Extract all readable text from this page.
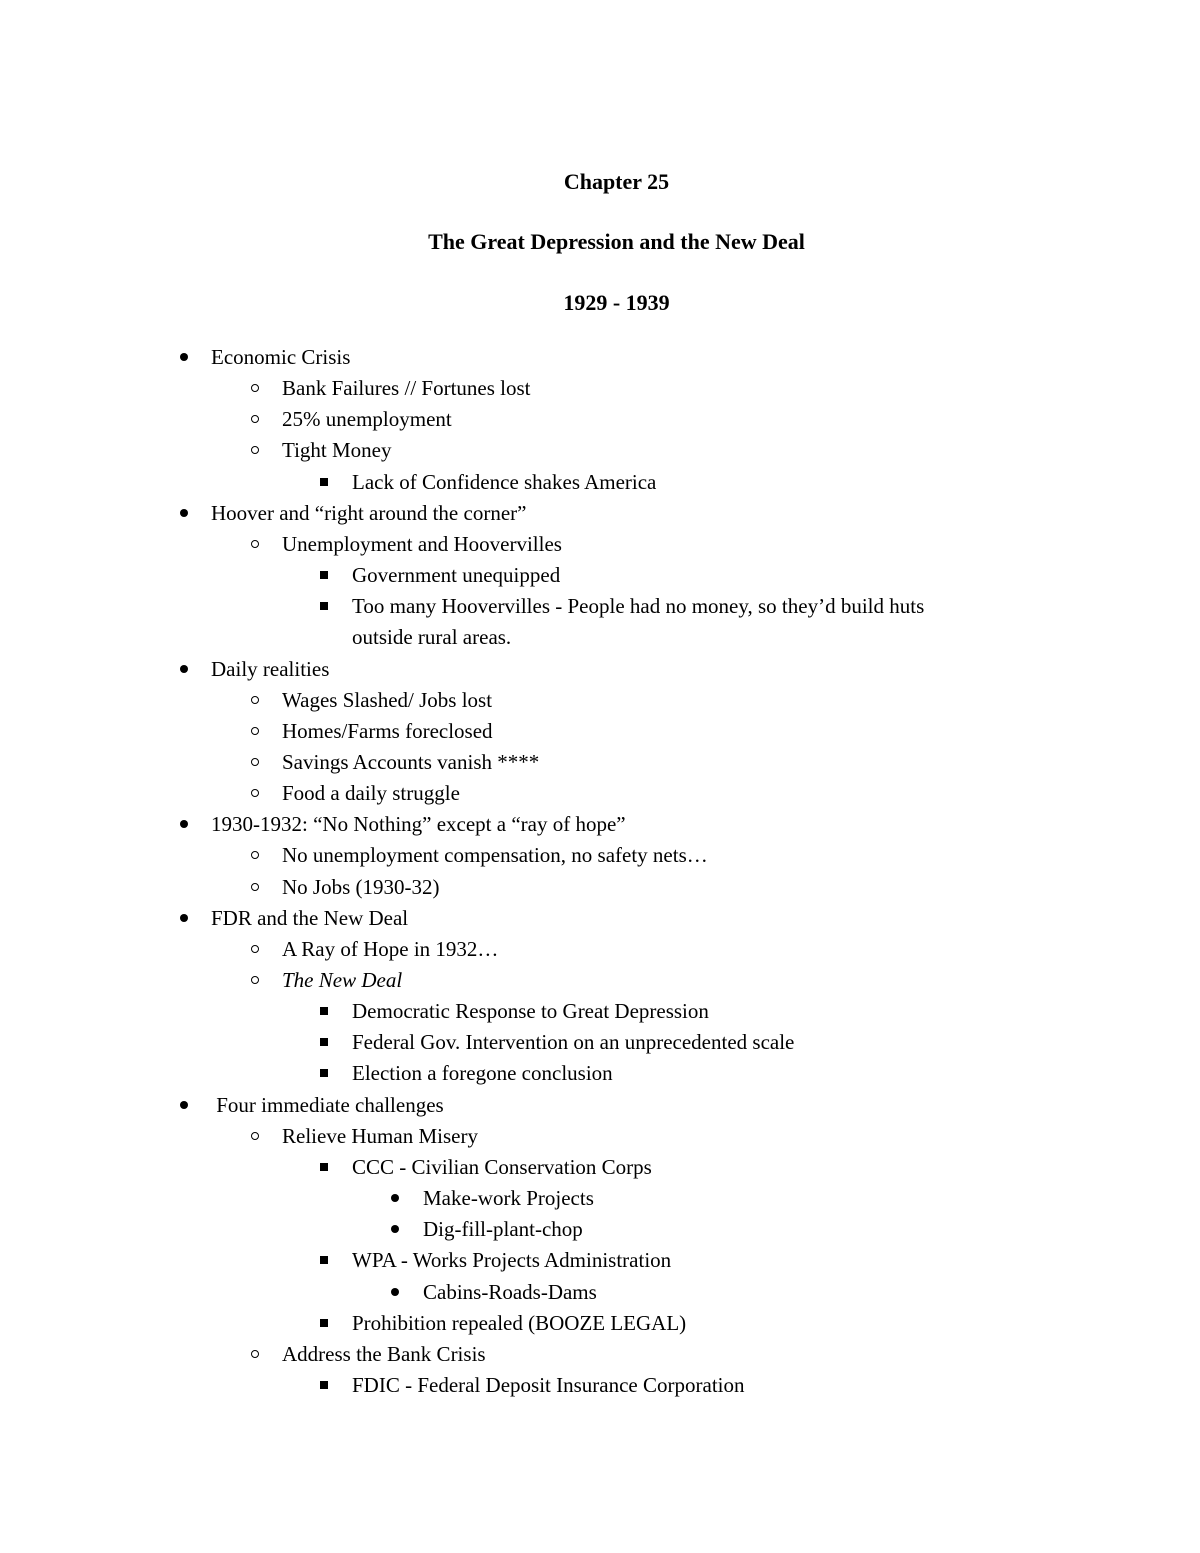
Chapter 25
The Great Depression and the New Deal
1929 - 1939
Economic Crisis
Bank Failures // Fortunes lost
25% unemployment
Tight Money
Lack of Confidence shakes America
Hoover and “right around the corner”
Unemployment and Hoovervilles
Government unequipped
Too many Hoovervilles - People had no money, so they’d build huts
outside rural areas.
Daily realities
Wages Slashed/ Jobs lost
Homes/Farms foreclosed
Savings Accounts vanish ****
Food a daily struggle
1930-1932: “No Nothing” except a “ray of hope”
No unemployment compensation, no safety nets…
No Jobs (1930-32)
FDR and the New Deal
A Ray of Hope in 1932…
The New Deal
Democratic Response to Great Depression
Federal Gov. Intervention on an unprecedented scale
Election a foregone conclusion
Four immediate challenges
Relieve Human Misery
CCC - Civilian Conservation Corps
Make-work Projects
Dig-fill-plant-chop
WPA - Works Projects Administration
Cabins-Roads-Dams
Prohibition repealed (BOOZE LEGAL)
Address the Bank Crisis
FDIC - Federal Deposit Insurance Corporation
